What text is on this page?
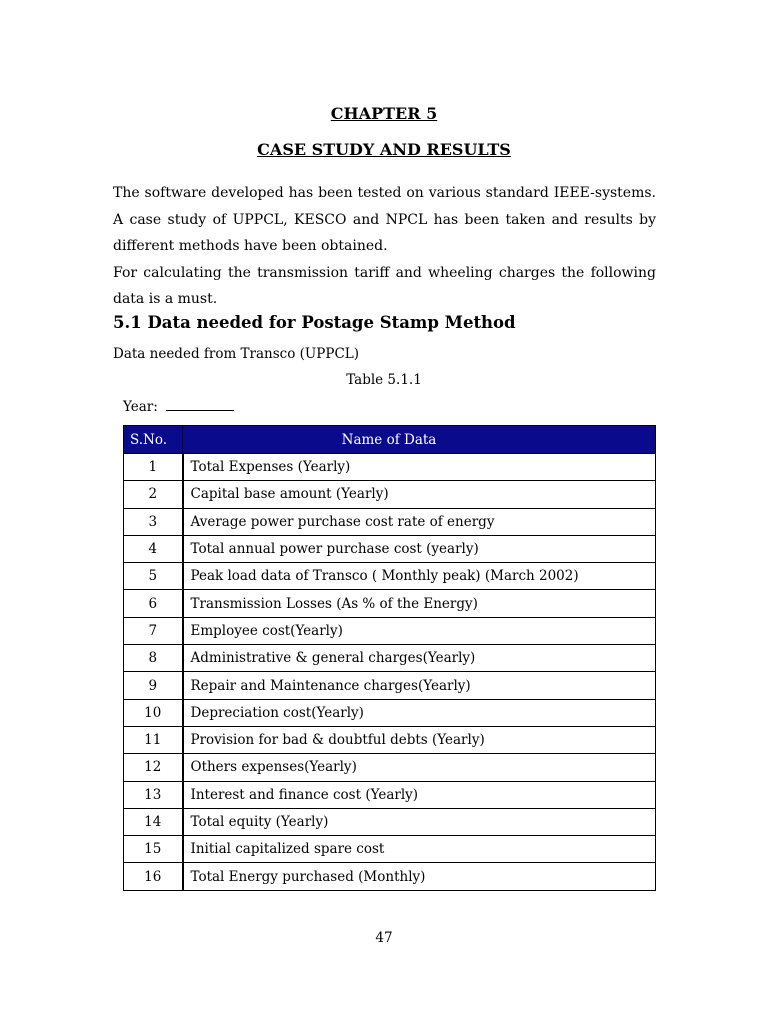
CHAPTER 5
CASE STUDY AND RESULTS

The software developed has been tested on various standard IEEE-systems. A case study of UPPCL, KESCO and NPCL has been taken and results by different methods have been obtained.

For calculating the transmission tariff and wheeling charges the following data is a must.

5.1 Data needed for Postage Stamp Method
Data needed from Transco (UPPCL)
Table 5.1.1
Year:
S.No.	Name of Data
1	Total Expenses (Yearly)
2	Capital base amount (Yearly)
3	Average power purchase cost rate of energy
4	Total annual power purchase cost (yearly)
5	Peak load data of Transco ( Monthly peak) (March 2002)
6	Transmission Losses (As % of the Energy)
7	Employee cost(Yearly)
8	Administrative & general charges(Yearly)
9	Repair and Maintenance charges(Yearly)
10	Depreciation cost(Yearly)
11	Provision for bad & doubtful debts (Yearly)
12	Others expenses(Yearly)
13	Interest and finance cost (Yearly)
14	Total equity (Yearly)
15	Initial capitalized spare cost
16	Total Energy purchased (Monthly)
47
